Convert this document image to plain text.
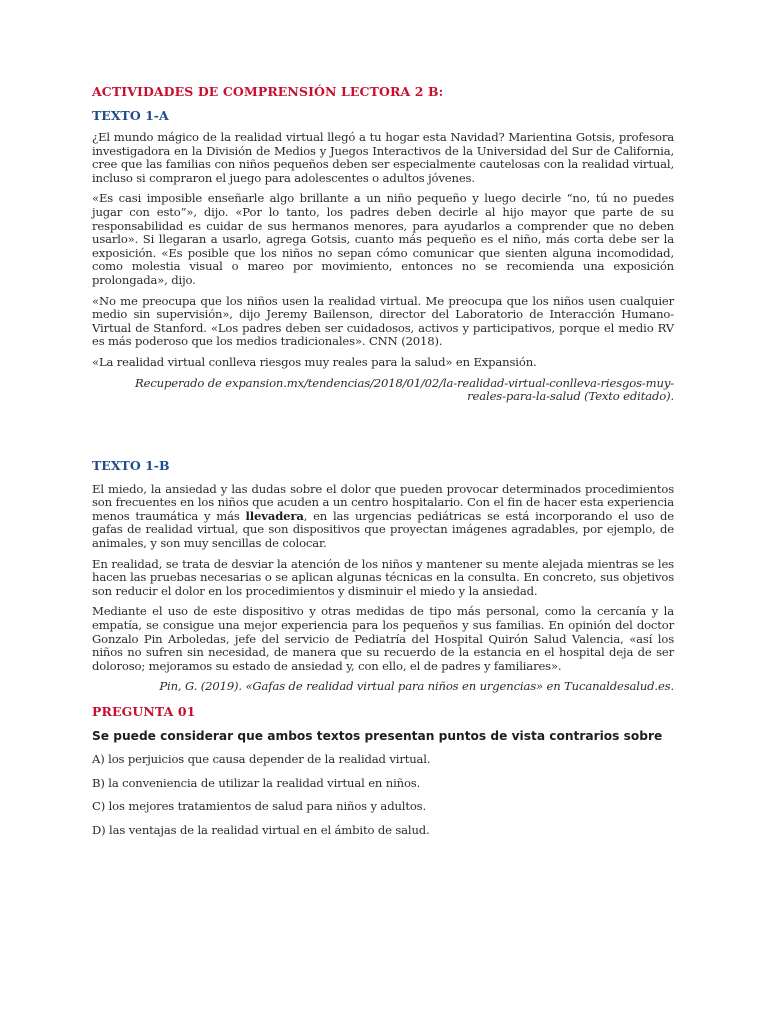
ACTIVIDADES DE COMPRENSIÓN LECTORA 2 B:
TEXTO 1-A

¿El mundo mágico de la realidad virtual llegó a tu hogar esta Navidad? Marientina Gotsis, profesora investigadora en la División de Medios y Juegos Interactivos de la Universidad del Sur de California, cree que las familias con niños pequeños deben ser especialmente cautelosas con la realidad virtual, incluso si compraron el juego para adolescentes o adultos jóvenes.

«Es casi imposible enseñarle algo brillante a un niño pequeño y luego decirle “no, tú no puedes jugar con esto”», dijo. «Por lo tanto, los padres deben decirle al hijo mayor que parte de su responsabilidad es cuidar de sus hermanos menores, para ayudarlos a comprender que no deben usarlo». Si llegaran a usarlo, agrega Gotsis, cuanto más pequeño es el niño, más corta debe ser la exposición. «Es posible que los niños no sepan cómo comunicar que sienten alguna incomodidad, como molestia visual o mareo por movimiento, entonces no se recomienda una exposición prolongada», dijo.

«No me preocupa que los niños usen la realidad virtual. Me preocupa que los niños usen cualquier medio sin supervisión», dijo Jeremy Bailenson, director del Laboratorio de Interacción Humano-Virtual de Stanford. «Los padres deben ser cuidadosos, activos y participativos, porque el medio RV es más poderoso que los medios tradicionales». CNN (2018).

«La realidad virtual conlleva riesgos muy reales para la salud» en Expansión.

Recuperado de expansion.mx/tendencias/2018/01/02/la-realidad-virtual-conlleva-riesgos-muy-reales-para-la-salud (Texto editado).

TEXTO 1-B

El miedo, la ansiedad y las dudas sobre el dolor que pueden provocar determinados procedimientos son frecuentes en los niños que acuden a un centro hospitalario. Con el fin de hacer esta experiencia menos traumática y más llevadera, en las urgencias pediátricas se está incorporando el uso de gafas de realidad virtual, que son dispositivos que proyectan imágenes agradables, por ejemplo, de animales, y son muy sencillas de colocar.

En realidad, se trata de desviar la atención de los niños y mantener su mente alejada mientras se les hacen las pruebas necesarias o se aplican algunas técnicas en la consulta. En concreto, sus objetivos son reducir el dolor en los procedimientos y disminuir el miedo y la ansiedad.

Mediante el uso de este dispositivo y otras medidas de tipo más personal, como la cercanía y la empatía, se consigue una mejor experiencia para los pequeños y sus familias. En opinión del doctor Gonzalo Pin Arboledas, jefe del servicio de Pediatría del Hospital Quirón Salud Valencia, «así los niños no sufren sin necesidad, de manera que su recuerdo de la estancia en el hospital deja de ser doloroso; mejoramos su estado de ansiedad y, con ello, el de padres y familiares».

Pin, G. (2019). «Gafas de realidad virtual para niños en urgencias» en Tucanaldesalud.es.

PREGUNTA 01
Se puede considerar que ambos textos presentan puntos de vista contrarios sobre
A) los perjuicios que causa depender de la realidad virtual.
B) la conveniencia de utilizar la realidad virtual en niños.
C) los mejores tratamientos de salud para niños y adultos.
D) las ventajas de la realidad virtual en el ámbito de salud.
